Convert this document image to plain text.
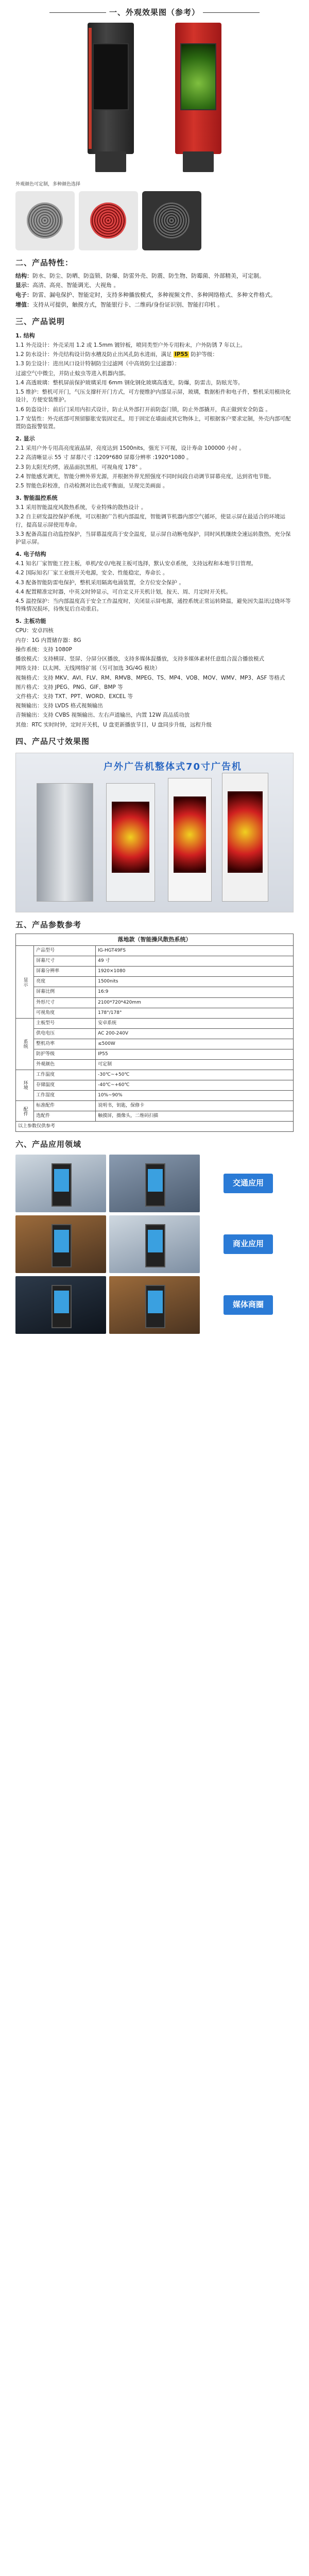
一、外观效果图（参考）
外观颜色可定制，多种颜色选择
二、产品特性：
结构：防水、防尘、防晒、防盗锁、防爆、防雷外壳、防震、防生物、防霉菌、外部精美，可定制。
显示：高清、高亮、智能调光、大视角 。
电子：防雷、漏电保护、智能定时，支持多种播放模式，多种视频文件、多种网络格式、多种文件格式。
增值：支持从可提供，触摸方式，智能银行卡、二维码/身份证识别、智能打印机 。
三、产品说明
1. 结构
1.1 外壳设计：外壳采用 1.2 或 1.5mm 镀锌板，喷同类型户外专用粉末，户外防锈 7 年以上。
1.2 防水设计：外壳结构设计防水槽及防止出风孔防水进雨，满足 IP55 防护等级：
1.3 防尘设计：进出风口设计特制防尘过滤网（中高效防尘过滤器）：
过滤空气中微尘，并防止蚊虫等进入机器内部。
1.4 高透玻璃：整机屏前保护玻璃采用 6mm 钢化钢化玻璃高透光，防爆，防雷击，防眩光等。
1.5 维护：整机可开门，气压支撑杆开门方式，可方便维护内部显示屏，玻璃，数据柜件和电子件，整机采用模块化设计，方便安装维护。
1.6 防盗设计：前后门采用内扣式设计，防止从外部打开前防盗门锁，防止外部撬开，真正做到安全防盗 。
1.7 安装性：外壳底部可预留膨胀安装固定孔，用于固定在墙面或其它物体上，可根据客户要求定制，外壳内部可配置防盗报警装置。
2. 显示
2.1 采用户外专用高亮度液晶屏，亮度达到 1500nits，强光下可视，设计寿命 100000 小时 。
2.2 高清晰显示 55 寸 屏幕尺寸 :1209*680 屏幕分辨率 :1920*1080 。
2.3 防太阳光灼烤，液晶面抗黑相，可视角度 178° 。
2.4 智能感光调光，智能分辨外界光源，并根据外界光照强度不同时间段自动调节屏幕亮度，达到省电节能。
2.5 智能色彩校准，自动检测对比色或平衡面，呈现完美画面 。
3. 智能温控系统
3.1 采用智能温度风散热系统，专业特殊的散热设计 。
3.2 自主研发温控保护系统，可以根据广告机内部温度，智能调节机器内部空气循环，使显示屏在最适合的环境运行，提高显示屏使用寿命。
3.3 配备高温自动监控保护，当屏幕温度高于安全温度，显示屏自动断电保护，同时风机继续全速运转散热，充分保护显示屏。
4. 电子结构
4.1 知名厂家智能工控主板，单机/安卓/电视主板可选择，默认安卓系统，支持远程和本地节目管理。
4.2 国际知名厂家工业级开关电源，安全、性能稳定，寿命长 。
4.3 配备智能防雷电保护，整机采用隔离电涌装置，全方位安全保护 。
4.4 配置精准定时器，中英文时钟显示，可自定义开关机计划，按天、周、月定时开关机。
4.5 温控保护：当内部温度高于安全工作温度时，关闭显示屏电源，通控系统正常运转降温，避免因失温讯过烧坏等特殊情况损坏，待恢复后自动重启。
5. 主板功能
CPU：安卓四核
内存：1G 内置储存器：8G
操作系统：支持 1080P
播放模式：支持横屏、竖屏、分屏分区播放，支持多媒体混播放，支持多媒体素材任意组合混合播放模式
网络支持：以太网、无线网络扩展（另可加选 3G/4G 模块）
视频格式：支持 MKV、AVI、FLV、RM、RMVB、MPEG、TS、MP4、VOB、MOV、WMV、MP3、ASF 等格式
图片格式：支持 JPEG、PNG、GIF、BMP 等
文件格式：支持 TXT、PPT、WORD、EXCEL 等
视频输出：支持 LVDS 格式视频输出
音频输出：支持 CVBS 视频输出、左右声道输出，内置 12W 高品质功放
其他：RTC 实时时钟，定时开关机，U 盘更新播放节目，U 盘同步升级，远程升级
四、产品尺寸效果图
户外广告机整体式70寸广告机
五、产品参数参考
落地款（智能操风散热系统）		
显示	产品型号	IG-HGT49FS
	屏幕尺寸	49 寸
	屏幕分辨率	1920×1080
	亮度	1500nits
	屏幕比例	16:9
	外形尺寸	2100*720*420mm
	可视角度	178°/178°
系统	主板型号	安卓系统
	供电电压	AC 200-240V
	整机功率	≤500W
	防护等级	IP55
	外观颜色	可定制
环境	工作温度	-30℃~+50℃
	存储温度	-40℃~+60℃
	工作湿度	10%~90%
配件	标准配件	说明书，钥匙，保修卡
	选配件	触摸屏，摄像头，二维码扫描
以上参数仅供参考		
六、产品应用领域
交通应用
商业应用
媒体商圈
